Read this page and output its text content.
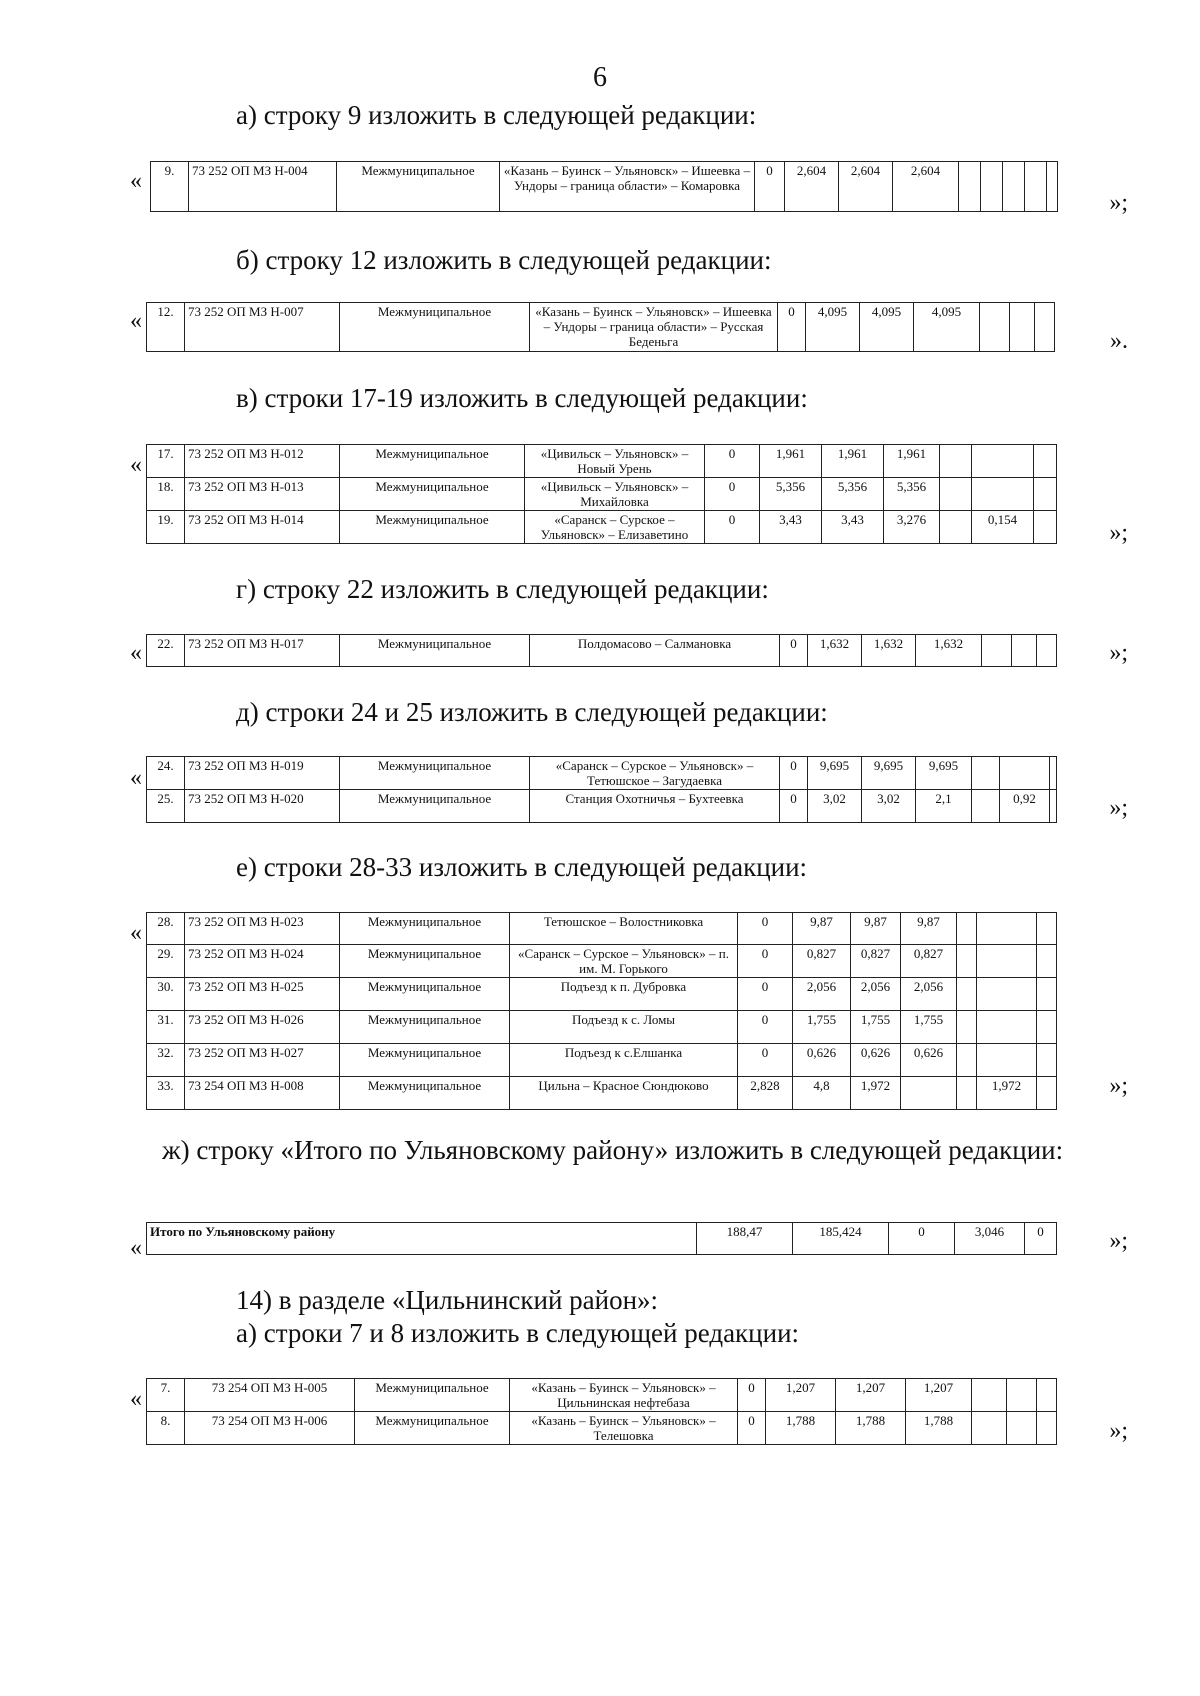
6
а) строку 9 изложить в следующей редакции:
« 9.	73 252 ОП МЗ Н-004	Межмуниципальное	«Казань – Буинск – Ульяновск» – Ишеевка – Ундоры – граница области» – Комаровка	0	2,604	2,604	2,604					
»;
б) строку 12 изложить в следующей редакции:
« 12.	73 252 ОП МЗ Н-007	Межмуниципальное	«Казань – Буинск – Ульяновск» – Ишеевка – Ундоры – граница области» – Русская Беденьга	0	4,095	4,095	4,095			
».
в) строки 17-19 изложить в следующей редакции:
« 17.	73 252 ОП МЗ Н-012	Межмуниципальное	«Цивильск – Ульяновск» – Новый Урень	0	1,961	1,961	1,961			
18.	73 252 ОП МЗ Н-013	Межмуниципальное	«Цивильск – Ульяновск» – Михайловка	0	5,356	5,356	5,356			
19.	73 252 ОП МЗ Н-014	Межмуниципальное	«Саранск – Сурское – Ульяновск» – Елизаветино	0	3,43	3,43	3,276		0,154	
»;
г) строку 22 изложить в следующей редакции:
« 22.	73 252 ОП МЗ Н-017	Межмуниципальное	Полдомасово – Салмановка	0	1,632	1,632	1,632				»;
д) строки 24 и 25 изложить в следующей редакции:
« 24.	73 252 ОП МЗ Н-019	Межмуниципальное	«Саранск – Сурское – Ульяновск» – Тетюшское – Загудаевка	0	9,695	9,695	9,695			
25.	73 252 ОП МЗ Н-020	Межмуниципальное	Станция Охотничья – Бухтеевка	0	3,02	3,02	2,1		0,92		»;
е) строки 28-33 изложить в следующей редакции:
« 28.	73 252 ОП МЗ Н-023	Межмуниципальное	Тетюшское – Волостниковка	0	9,87	9,87	9,87			
29.	73 252 ОП МЗ Н-024	Межмуниципальное	«Саранск – Сурское – Ульяновск» – п. им. М. Горького	0	0,827	0,827	0,827			
30.	73 252 ОП МЗ Н-025	Межмуниципальное	Подъезд к п. Дубровка	0	2,056	2,056	2,056			
31.	73 252 ОП МЗ Н-026	Межмуниципальное	Подъезд к с. Ломы	0	1,755	1,755	1,755			
32.	73 252 ОП МЗ Н-027	Межмуниципальное	Подъезд к с.Елшанка	0	0,626	0,626	0,626			
33.	73 254 ОП МЗ Н-008	Межмуниципальное	Цильна – Красное Сюндюково	2,828	4,8	1,972			1,972		»;
ж) строку «Итого по Ульяновскому району» изложить в следующей редакции:
«
Итого по Ульяновскому району	188,47	185,424	0	3,046	0	»;
14) в разделе «Цильнинский район»:
а) строки 7 и 8 изложить в следующей редакции:
« 7.	73 254 ОП МЗ Н-005	Межмуниципальное	«Казань – Буинск – Ульяновск» – Цильнинская нефтебаза	0	1,207	1,207	1,207			
8.	73 254 ОП МЗ Н-006	Межмуниципальное	«Казань – Буинск – Ульяновск» – Телешовка	0	1,788	1,788	1,788				»;
